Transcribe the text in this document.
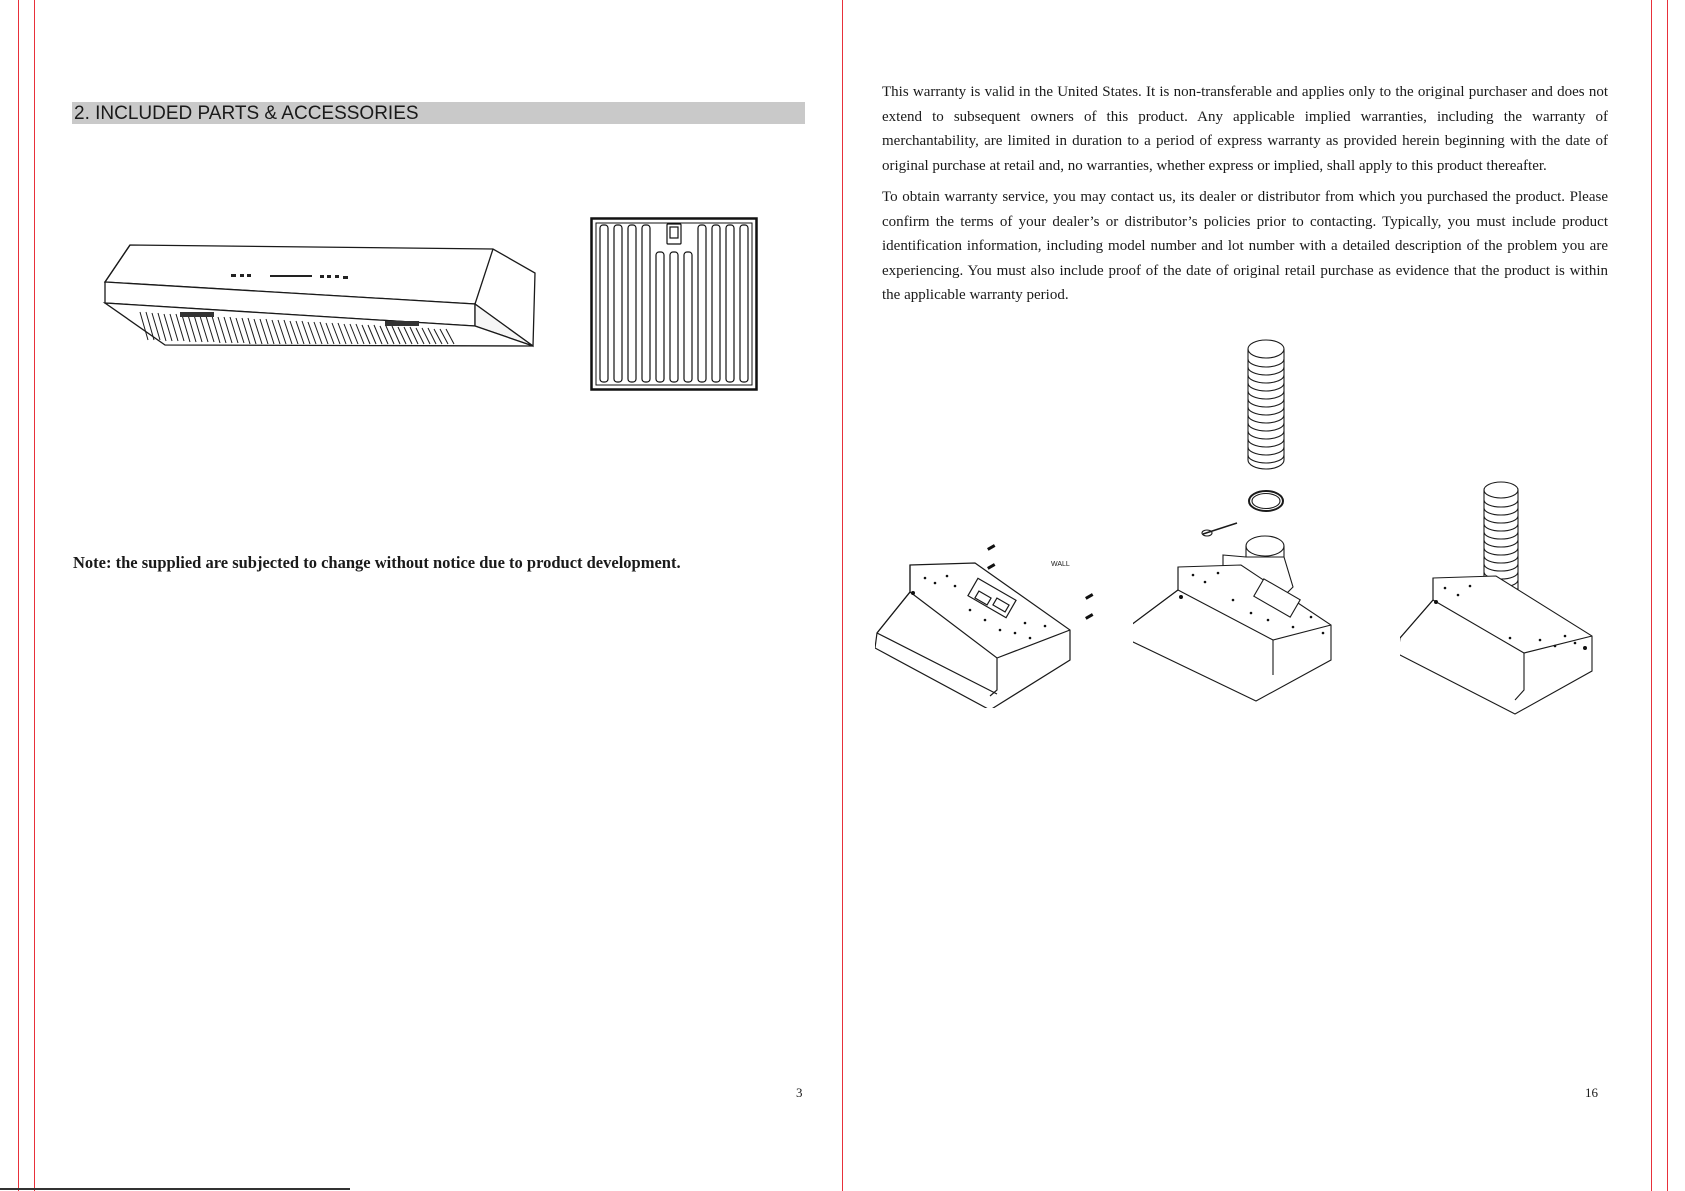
2. INCLUDED PARTS & ACCESSORIES
Note: the supplied are subjected to change without notice due to product development.
3
This warranty is valid in the United States. It is non-transferable and applies only to the original purchaser and does not extend to subsequent owners of this product. Any applicable implied warranties, including the warranty of merchantability, are limited in duration to a period of express warranty as provided herein beginning with the date of original purchase at retail and, no warranties, whether express or implied, shall apply to this product thereafter.
To obtain warranty service, you may contact us, its dealer or distributor from which you purchased the product. Please confirm the terms of your dealer’s or distributor’s policies prior to contacting. Typically, you must include product identification information, including model number and lot number with a detailed description of the problem you are experiencing. You must also include proof of the date of original retail purchase as evidence that the product is within the applicable warranty period.
WALL
16
